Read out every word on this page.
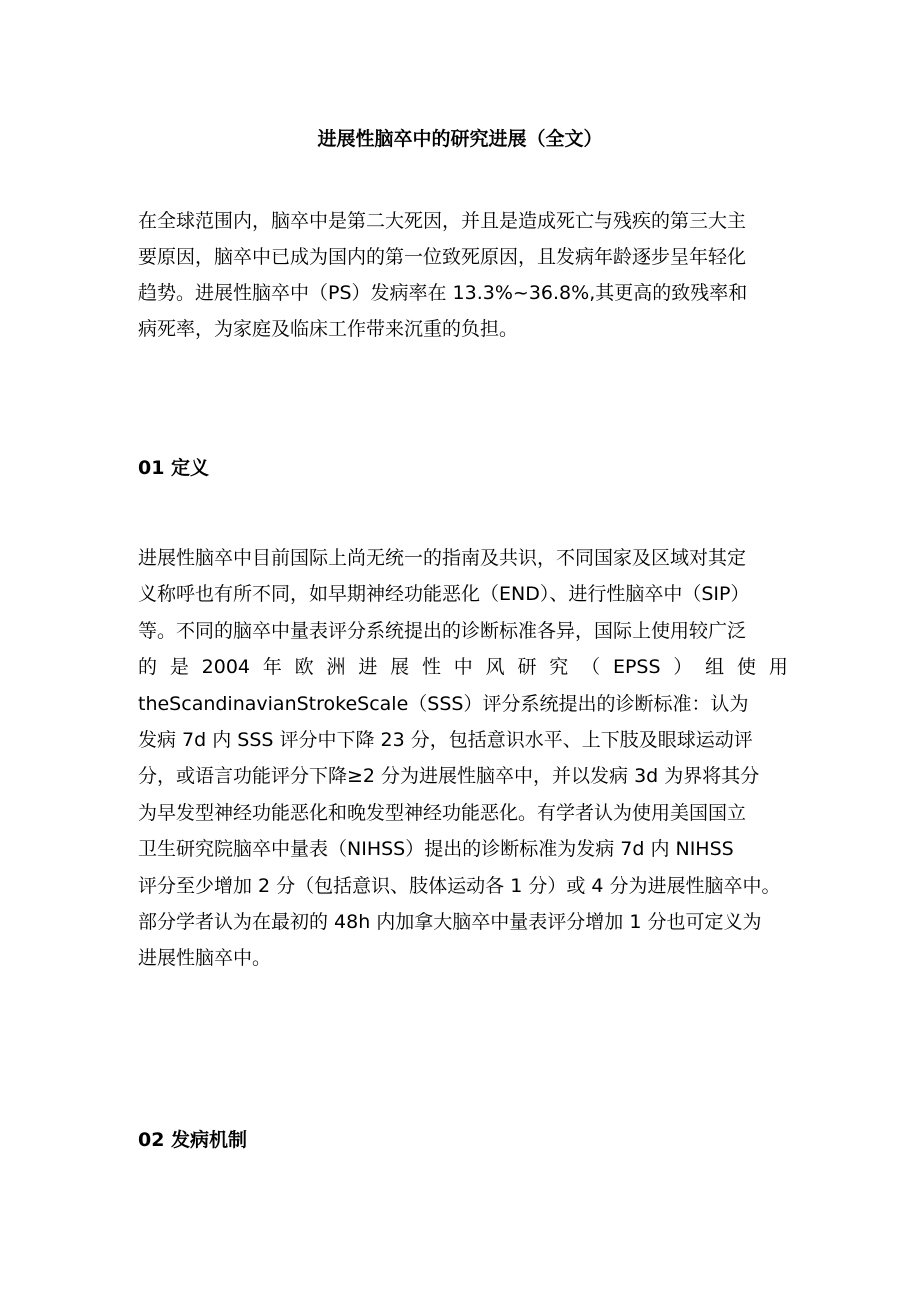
进展性脑卒中的研究进展（全文）
在全球范围内，脑卒中是第二大死因，并且是造成死亡与残疾的第三大主
要原因，脑卒中已成为国内的第一位致死原因，且发病年龄逐步呈年轻化
趋势。进展性脑卒中（PS）发病率在 13.3%~36.8%,其更高的致残率和
病死率，为家庭及临床工作带来沉重的负担。
01 定义
进展性脑卒中目前国际上尚无统一的指南及共识，不同国家及区域对其定
义称呼也有所不同，如早期神经功能恶化（END）、进行性脑卒中（SIP）
等。不同的脑卒中量表评分系统提出的诊断标准各异，国际上使用较广泛
的 是 2004 年 欧 洲 进 展 性 中 风 研 究 （ EPSS ） 组 使 用
theScandinavianStrokeScale（SSS）评分系统提出的诊断标准：认为
发病 7d 内 SSS 评分中下降 23 分，包括意识水平、上下肢及眼球运动评
分，或语言功能评分下降≥2 分为进展性脑卒中，并以发病 3d 为界将其分
为早发型神经功能恶化和晚发型神经功能恶化。有学者认为使用美国国立
卫生研究院脑卒中量表（NIHSS）提出的诊断标准为发病 7d 内 NIHSS
评分至少增加 2 分（包括意识、肢体运动各 1 分）或 4 分为进展性脑卒中。
部分学者认为在最初的 48h 内加拿大脑卒中量表评分增加 1 分也可定义为
进展性脑卒中。
02 发病机制
